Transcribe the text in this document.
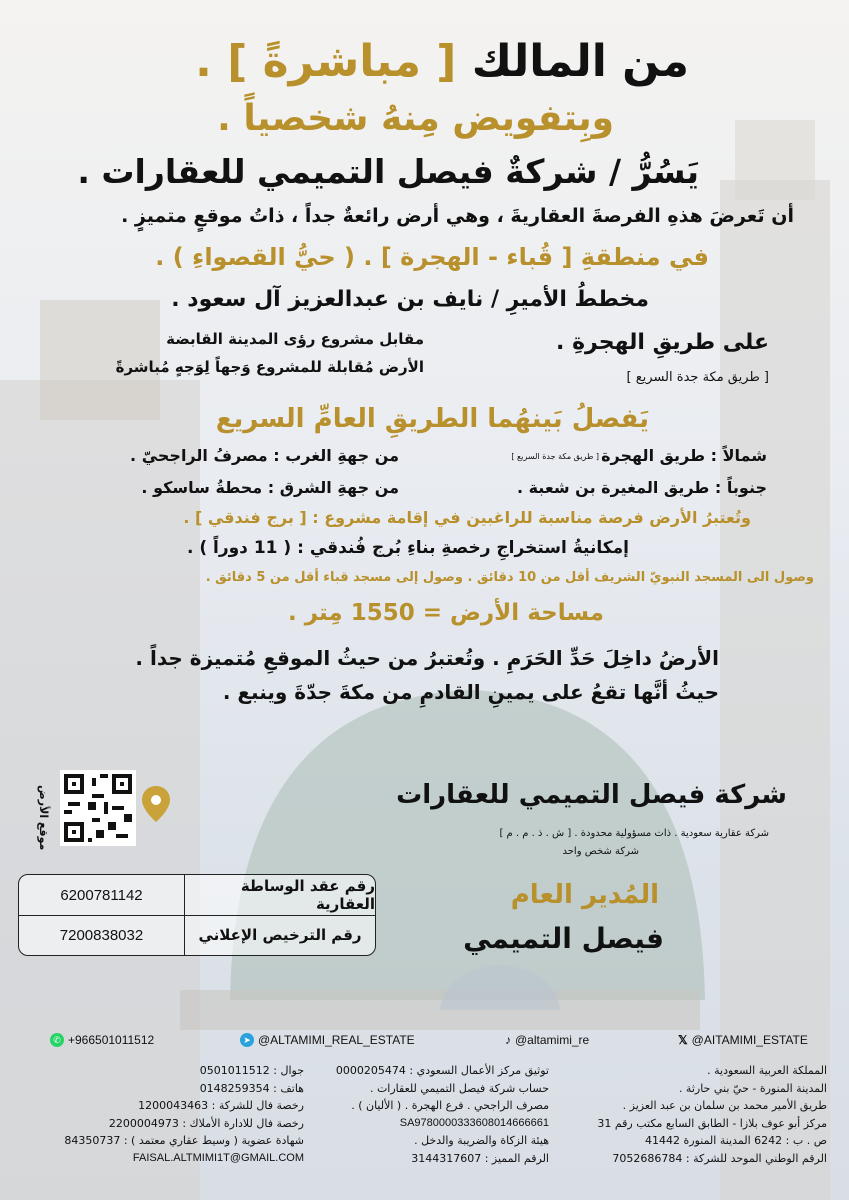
من المالك [ مباشرةً ] .
وبِتفويض مِنهُ شخصياً .
يَسُرُّ / شركةٌ فيصل التميمي للعقارات .
أن تَعرضَ هذهِ الفرصةَ العقاريةَ ، وهي أرض رائعةٌ جداً ، ذاتُ موقعٍ متميزٍ .
في منطقةِ [ قُباء - الهجرة ] . ( حيُّ القصواءِ ) .
مخططُ الأميرِ / نايف بن عبدالعزيز آل سعود .
على طريقِ الهجرةِ .
[ طريق مكة جدة السريع ]
مقابل مشروع رؤى المدينة القابضة
الأرض مُقابلة للمشروع وَجهاً لِوَجهٍ مُباشرةً
يَفصلُ بَينهُما الطريقِ العامِّ السريع
شمالاً : طريق الهجرة
[ طريق مكة جدة السريع ]
جنوباً : طريق المغيرة بن شعبة .
من جهةِ الغرب : مصرفُ الراجحيّ .
من جهةِ الشرق : محطةُ ساسكو .
وتُعتبرُ الأرض فرصة مناسبة للراغبين في إقامة مشروع : [ برج فندقي ] .
إمكانيةُ استخراجِ رخصةِ بناءِ بُرج فُندقي : ( 11 دوراً ) .
وصول الى المسجد النبويّ الشريف أقل من 10 دقائق . وصول إلى مسجد قباء أقل من 5 دقائق .
مساحة الأرض = 1550 مِتر .
الأرضُ داخِلَ حَدِّ الحَرَمِ . وتُعتبرُ من حيثُ الموقعِ مُتميزة جداً .
حيثُ أنَّها تقعُ على يمينِ القادمِ من مكةَ جدّةَ وينبع .
شركة فيصل التميمي للعقارات
شركة عقارية سعودية . ذات مسؤولية محدودة . [ ش . ذ . م . م ]
شركة شخص واحد
المُدير العام
فيصل التميمي
موقع الأرض
رقم عقد الوساطة العقارية
6200781142
رقم الترخيص الإعلاني
7200838032
✆ +966501011512	➤ @ALTAMIMI_REAL_ESTATE	♪ @altamimi_re	𝕏 @AITAMIMI_ESTATE
المملكة العربية السعودية .
المدينة المنورة - حيّ بني حارثة .
طريق الأمير محمد بن سلمان بن عبد العزيز .
مركز أبو عوف بلازا - الطابق السابع مكتب رقم 31
ص . ب : 6242 المدينة المنورة 41442
الرقم الوطني الموحد للشركة : 7052686784
توثيق مركز الأعمال السعودي : 0000205474
حساب شركة فيصل التميمي للعقارات .
مصرف الراجحي . فرع الهجرة . ( الأليان ) .
SA9780000333608014666661
هيئة الزكاة والضريبة والدخل .
الرقم المميز : 3144317607
جوال : 0501011512
هاتف : 0148259354
رخصة فال للشركة : 1200043463
رخصة فال للادارة الأملاك : 2200004973
شهادة عضوية ( وسيط عقاري معتمد ) : 84350737
FAISAL.ALTMIMI1T@GMAIL.COM
